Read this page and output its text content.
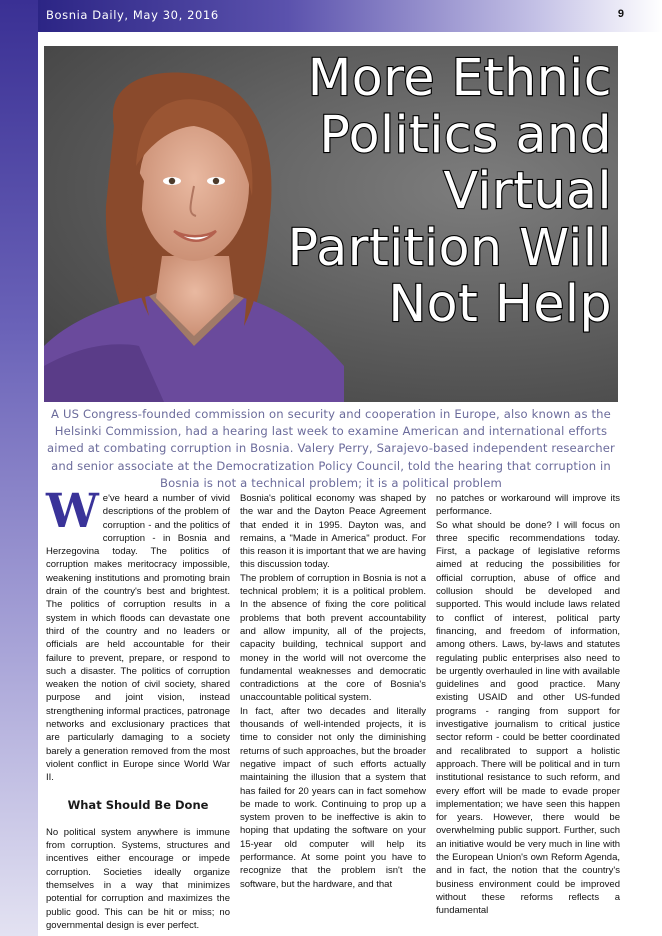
Bosnia Daily, May 30, 2016	9
More Ethnic Politics and Virtual Partition Will Not Help
A US Congress-founded commission on security and cooperation in Europe, also known as the Helsinki Commission, had a hearing last week to examine American and international efforts aimed at combating corruption in Bosnia. Valery Perry, Sarajevo-based independent researcher and senior associate at the Democratization Policy Council, told the hearing that corruption in Bosnia is not a technical problem; it is a political problem

We've heard a number of vivid descriptions of the problem of corruption - and the politics of corruption - in Bosnia and Herzegovina today. The politics of corruption makes meritocracy impossible, weakening institutions and promoting brain drain of the country's best and brightest. The politics of corruption results in a system in which floods can devastate one third of the country and no leaders or officials are held accountable for their failure to prevent, prepare, or respond to such a disaster. The politics of corruption weaken the notion of civil society, shared purpose and joint vision, instead strengthening informal practices, patronage networks and exclusionary practices that are particularly damaging to a society barely a generation removed from the most violent conflict in Europe since World War II.

What Should Be Done

No political system anywhere is immune from corruption. Systems, structures and incentives either encourage or impede corruption. Societies ideally organize themselves in a way that minimizes potential for corruption and maximizes the public good. This can be hit or miss; no governmental design is ever perfect.

Bosnia's political economy was shaped by the war and the Dayton Peace Agreement that ended it in 1995. Dayton was, and remains, a "Made in America" product. For this reason it is important that we are having this discussion today.

The problem of corruption in Bosnia is not a technical problem; it is a political problem. In the absence of fixing the core political problems that both prevent accountability and allow impunity, all of the projects, capacity building, technical support and money in the world will not overcome the fundamental weaknesses and democratic contradictions at the core of Bosnia's unaccountable political system.

In fact, after two decades and literally thousands of well-intended projects, it is time to consider not only the diminishing returns of such approaches, but the broader negative impact of such efforts actually maintaining the illusion that a system that has failed for 20 years can in fact somehow be made to work. Continuing to prop up a system proven to be ineffective is akin to hoping that updating the software on your 15-year old computer will help its performance. At some point you have to recognize that the problem isn't the software, but the hardware, and that

no patches or workaround will improve its performance.

So what should be done? I will focus on three specific recommendations today. First, a package of legislative reforms aimed at reducing the possibilities for official corruption, abuse of office and collusion should be developed and supported. This would include laws related to conflict of interest, political party financing, and freedom of information, among others. Laws, by-laws and statutes regulating public enterprises also need to be urgently overhauled in line with available guidelines and good practice. Many existing USAID and other US-funded programs - ranging from support for investigative journalism to critical justice sector reform - could be better coordinated and recalibrated to support a holistic approach. There will be political and in turn institutional resistance to such reform, and every effort will be made to evade proper implementation; we have seen this happen for years. However, there would be overwhelming public support. Further, such an initiative would be very much in line with the European Union's own Reform Agenda, and in fact, the notion that the country's business environment could be improved without these reforms reflects a fundamental
